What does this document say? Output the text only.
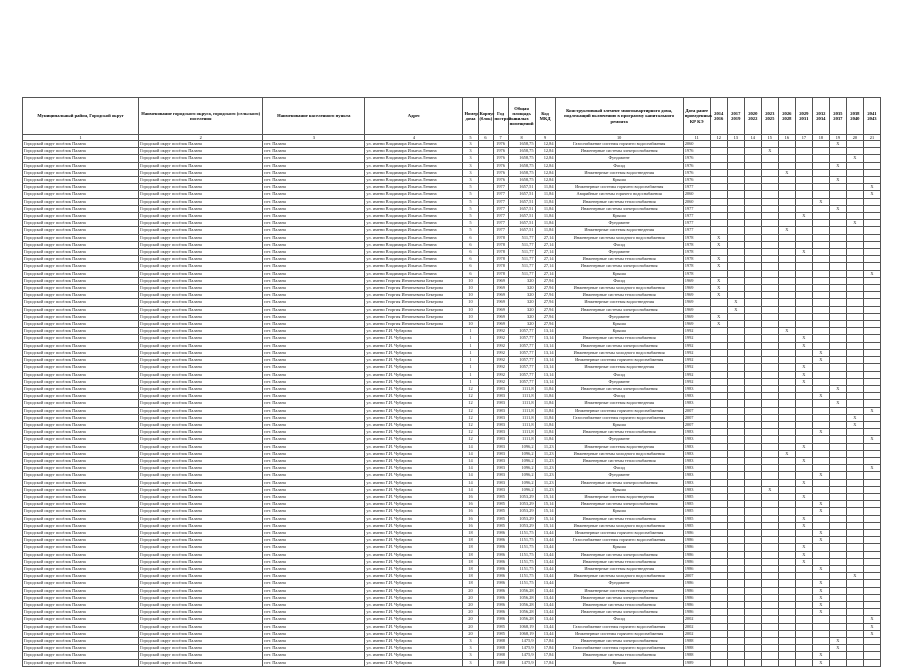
Муниципальный район, Городской округ	Наименование городского округа, городского (сельского) поселения	Наименование населенного пункта	Адрес	Номер дома	Корпус (блок)	Год постройки	Общая площадь жилых помещений	Код МКД	Конструктивный элемент многоквартирного дома, подлежащий включению в программу капитального ремонта	Дата ранее проведенных КР КЭ	2014 2016	2017 2019	2020 2022	2023 2025	2026 2028	2029 2031	2032 2034	2035 2037	2038 2040	2041 2043
1	2	3	4	5	6	7	8	9	10	11	12	13	14	15	16	17	18	19	20	21
Городской округ посёлок Палана	Городской округ посёлок Палана	пгт. Палана	ул. имени Владимира Ильича Ленина	3		1976	1658,75	12,84	Газоснабжение системы горячего водоснабжения	2060								X		
Городской округ посёлок Палана	Городской округ посёлок Палана	пгт. Палана	ул. имени Владимира Ильича Ленина	3		1976	1658,75	12,84	Инженерные системы электроснабжения	1976				X						
Городской округ посёлок Палана	Городской округ посёлок Палана	пгт. Палана	ул. имени Владимира Ильича Ленина	3		1976	1658,75	12,84	Фундамент	1976									X	
Городской округ посёлок Палана	Городской округ посёлок Палана	пгт. Палана	ул. имени Владимира Ильича Ленина	3		1976	1658,75	12,84	Фасад	1976								X		
Городской округ посёлок Палана	Городской округ посёлок Палана	пгт. Палана	ул. имени Владимира Ильича Ленина	3		1976	1658,75	12,84	Инженерные системы водоотведения	1976					X					
Городской округ посёлок Палана	Городской округ посёлок Палана	пгт. Палана	ул. имени Владимира Ильича Ленина	3		1976	1658,75	12,84	Крыша	1976								X		
Городской округ посёлок Палана	Городской округ посёлок Палана	пгт. Палана	ул. имени Владимира Ильича Ленина	5		1977	1657,51	11,84	Инженерные системы горячего водоснабжения	1977										X
Городской округ посёлок Палана	Городской округ посёлок Палана	пгт. Палана	ул. имени Владимира Ильича Ленина	5		1977	1657,51	11,84	Аварийные системы горячего водоснабжения	2060										X
Городской округ посёлок Палана	Городской округ посёлок Палана	пгт. Палана	ул. имени Владимира Ильича Ленина	5		1977	1657,51	11,84	Инженерные системы теплоснабжения	2060							X			
Городской округ посёлок Палана	Городской округ посёлок Палана	пгт. Палана	ул. имени Владимира Ильича Ленина	5		1977	1657,51	11,84	Инженерные системы электроснабжения	1977								X		
Городской округ посёлок Палана	Городской округ посёлок Палана	пгт. Палана	ул. имени Владимира Ильича Ленина	5		1977	1657,51	11,84	Крыша	1977						X				
Городской округ посёлок Палана	Городской округ посёлок Палана	пгт. Палана	ул. имени Владимира Ильича Ленина	5		1977	1657,51	11,84	Фундамент	1977									X	
Городской округ посёлок Палана	Городской округ посёлок Палана	пгт. Палана	ул. имени Владимира Ильича Ленина	5		1977	1657,51	11,84	Инженерные системы водоотведения	1977					X					
Городской округ посёлок Палана	Городской округ посёлок Палана	пгт. Палана	ул. имени Владимира Ильича Ленина	6		1978	511,77	27,14	Инженерные системы холодного водоснабжения	1978	X									
Городской округ посёлок Палана	Городской округ посёлок Палана	пгт. Палана	ул. имени Владимира Ильича Ленина	6		1978	511,77	27,14	Фасад	1978	X									
Городской округ посёлок Палана	Городской округ посёлок Палана	пгт. Палана	ул. имени Владимира Ильича Ленина	6		1978	511,77	27,14	Фундамент	1978						X				
Городской округ посёлок Палана	Городской округ посёлок Палана	пгт. Палана	ул. имени Владимира Ильича Ленина	6		1978	511,77	27,14	Инженерные системы теплоснабжения	1978	X									
Городской округ посёлок Палана	Городской округ посёлок Палана	пгт. Палана	ул. имени Владимира Ильича Ленина	6		1978	511,77	27,14	Инженерные системы электроснабжения	1978	X									
Городской округ посёлок Палана	Городской округ посёлок Палана	пгт. Палана	ул. имени Владимира Ильича Ленина	6		1978	511,77	27,14	Крыша	1978										X
Городской округ посёлок Палана	Городской округ посёлок Палана	пгт. Палана	ул. имени Георгия Игнатьевича Бекерова	10		1969	320	27,94	Фасад	1969	X									
Городской округ посёлок Палана	Городской округ посёлок Палана	пгт. Палана	ул. имени Георгия Игнатьевича Бекерова	10		1969	320	27,94	Инженерные системы холодного водоснабжения	1969	X									
Городской округ посёлок Палана	Городской округ посёлок Палана	пгт. Палана	ул. имени Георгия Игнатьевича Бекерова	10		1969	320	27,94	Инженерные системы теплоснабжения	1969	X									
Городской округ посёлок Палана	Городской округ посёлок Палана	пгт. Палана	ул. имени Георгия Игнатьевича Бекерова	10		1969	320	27,94	Инженерные системы водоотведения	1969		X								
Городской округ посёлок Палана	Городской округ посёлок Палана	пгт. Палана	ул. имени Георгия Игнатьевича Бекерова	10		1969	320	27,94	Инженерные системы электроснабжения	1969		X								
Городской округ посёлок Палана	Городской округ посёлок Палана	пгт. Палана	ул. имени Георгия Игнатьевича Бекерова	10		1969	320	27,94	Фундамент	1969	X									
Городской округ посёлок Палана	Городской округ посёлок Палана	пгт. Палана	ул. имени Георгия Игнатьевича Бекерова	10		1969	320	27,94	Крыша	1969	X									
Городской округ посёлок Палана	Городской округ посёлок Палана	пгт. Палана	ул. имени Г.И. Чубарова	1		1992	1057,77	13,14	Крыша	1992					X					
Городской округ посёлок Палана	Городской округ посёлок Палана	пгт. Палана	ул. имени Г.И. Чубарова	1		1992	1057,77	13,14	Инженерные системы теплоснабжения	1992						X				
Городской округ посёлок Палана	Городской округ посёлок Палана	пгт. Палана	ул. имени Г.И. Чубарова	1		1992	1057,77	13,14	Инженерные системы электроснабжения	1992						X				
Городской округ посёлок Палана	Городской округ посёлок Палана	пгт. Палана	ул. имени Г.И. Чубарова	1		1992	1057,77	13,14	Инженерные системы холодного водоснабжения	1992							X			
Городской округ посёлок Палана	Городской округ посёлок Палана	пгт. Палана	ул. имени Г.И. Чубарова	1		1992	1057,77	13,14	Инженерные системы горячего водоснабжения	1992							X			
Городской округ посёлок Палана	Городской округ посёлок Палана	пгт. Палана	ул. имени Г.И. Чубарова	1		1992	1057,77	13,14	Инженерные системы водоотведения	1992						X				
Городской округ посёлок Палана	Городской округ посёлок Палана	пгт. Палана	ул. имени Г.И. Чубарова	1		1992	1057,77	13,14	Фасад	1992						X				
Городской округ посёлок Палана	Городской округ посёлок Палана	пгт. Палана	ул. имени Г.И. Чубарова	1		1992	1057,77	13,14	Фундамент	1992						X				
Городской округ посёлок Палана	Городской округ посёлок Палана	пгт. Палана	ул. имени Г.И. Чубарова	12		1983	1111,8	11,84	Инженерные системы электроснабжения	1983								X		
Городской округ посёлок Палана	Городской округ посёлок Палана	пгт. Палана	ул. имени Г.И. Чубарова	12		1983	1111,8	11,84	Фасад	1983							X			
Городской округ посёлок Палана	Городской округ посёлок Палана	пгт. Палана	ул. имени Г.И. Чубарова	12		1983	1111,8	11,84	Инженерные системы водоотведения	1983								X		
Городской округ посёлок Палана	Городской округ посёлок Палана	пгт. Палана	ул. имени Г.И. Чубарова	12		1983	1111,8	11,84	Инженерные системы горячего водоснабжения	2007										X
Городской округ посёлок Палана	Городской округ посёлок Палана	пгт. Палана	ул. имени Г.И. Чубарова	12		1983	1111,8	11,84	Газоснабжение системы горячего водоснабжения	2007									X	
Городской округ посёлок Палана	Городской округ посёлок Палана	пгт. Палана	ул. имени Г.И. Чубарова	12		1983	1111,8	11,84	Крыша	2007									X	
Городской округ посёлок Палана	Городской округ посёлок Палана	пгт. Палана	ул. имени Г.И. Чубарова	12		1983	1111,8	11,84	Инженерные системы теплоснабжения	1983							X			
Городской округ посёлок Палана	Городской округ посёлок Палана	пгт. Палана	ул. имени Г.И. Чубарова	12		1983	1111,8	11,84	Фундамент	1983										X
Городской округ посёлок Палана	Городской округ посёлок Палана	пгт. Палана	ул. имени Г.И. Чубарова	14		1983	1096,2	11,23	Инженерные системы водоотведения	1983						X				
Городской округ посёлок Палана	Городской округ посёлок Палана	пгт. Палана	ул. имени Г.И. Чубарова	14		1983	1096,2	11,23	Инженерные системы холодного водоснабжения	1983					X					
Городской округ посёлок Палана	Городской округ посёлок Палана	пгт. Палана	ул. имени Г.И. Чубарова	14		1983	1096,2	11,23	Инженерные системы теплоснабжения	1983						X				
Городской округ посёлок Палана	Городской округ посёлок Палана	пгт. Палана	ул. имени Г.И. Чубарова	14		1983	1096,2	11,23	Фасад	1983										X
Городской округ посёлок Палана	Городской округ посёлок Палана	пгт. Палана	ул. имени Г.И. Чубарова	14		1983	1096,2	11,23	Фундамент	1983							X			
Городской округ посёлок Палана	Городской округ посёлок Палана	пгт. Палана	ул. имени Г.И. Чубарова	14		1983	1096,2	11,23	Инженерные системы электроснабжения	1983						X				
Городской округ посёлок Палана	Городской округ посёлок Палана	пгт. Палана	ул. имени Г.И. Чубарова	14		1983	1096,2	11,23	Крыша	1983				X						
Городской округ посёлок Палана	Городской округ посёлок Палана	пгт. Палана	ул. имени Г.И. Чубарова	16		1985	1053,29	15,14	Инженерные системы водоотведения	1985						X				
Городской округ посёлок Палана	Городской округ посёлок Палана	пгт. Палана	ул. имени Г.И. Чубарова	16		1985	1053,29	15,14	Инженерные системы электроснабжения	1985							X			
Городской округ посёлок Палана	Городской округ посёлок Палана	пгт. Палана	ул. имени Г.И. Чубарова	16		1985	1053,29	15,14	Крыша	1985							X			
Городской округ посёлок Палана	Городской округ посёлок Палана	пгт. Палана	ул. имени Г.И. Чубарова	16		1985	1053,29	15,14	Инженерные системы теплоснабжения	1985						X				
Городской округ посёлок Палана	Городской округ посёлок Палана	пгт. Палана	ул. имени Г.И. Чубарова	16		1985	1053,29	15,14	Инженерные системы холодного водоснабжения	1985						X				
Городской округ посёлок Палана	Городской округ посёлок Палана	пгт. Палана	ул. имени Г.И. Чубарова	18		1986	1151,75	13,44	Инженерные системы горячего водоснабжения	1986							X			
Городской округ посёлок Палана	Городской округ посёлок Палана	пгт. Палана	ул. имени Г.И. Чубарова	18		1986	1151,75	13,44	Газоснабжение системы горячего водоснабжения	1986							X			
Городской округ посёлок Палана	Городской округ посёлок Палана	пгт. Палана	ул. имени Г.И. Чубарова	18		1986	1151,75	13,44	Крыша	1986						X				
Городской округ посёлок Палана	Городской округ посёлок Палана	пгт. Палана	ул. имени Г.И. Чубарова	18		1986	1151,75	13,44	Инженерные системы электроснабжения	1986						X				
Городской округ посёлок Палана	Городской округ посёлок Палана	пгт. Палана	ул. имени Г.И. Чубарова	18		1986	1151,75	13,44	Инженерные системы теплоснабжения	1986						X				
Городской округ посёлок Палана	Городской округ посёлок Палана	пгт. Палана	ул. имени Г.И. Чубарова	18		1986	1151,75	13,44	Инженерные системы водоотведения	1986							X			
Городской округ посёлок Палана	Городской округ посёлок Палана	пгт. Палана	ул. имени Г.И. Чубарова	18		1986	1151,75	13,44	Инженерные системы холодного водоснабжения	2007									X	
Городской округ посёлок Палана	Городской округ посёлок Палана	пгт. Палана	ул. имени Г.И. Чубарова	18		1986	1151,75	13,44	Фундамент	1986							X			
Городской округ посёлок Палана	Городской округ посёлок Палана	пгт. Палана	ул. имени Г.И. Чубарова	20		1986	1056,28	13,44	Инженерные системы водоотведения	1986							X			
Городской округ посёлок Палана	Городской округ посёлок Палана	пгт. Палана	ул. имени Г.И. Чубарова	20		1986	1056,28	13,44	Инженерные системы электроснабжения	1986							X			
Городской округ посёлок Палана	Городской округ посёлок Палана	пгт. Палана	ул. имени Г.И. Чубарова	20		1986	1056,28	13,44	Инженерные системы теплоснабжения	1986							X			
Городской округ посёлок Палана	Городской округ посёлок Палана	пгт. Палана	ул. имени Г.И. Чубарова	20		1986	1056,28	13,44	Инженерные системы электроснабжения	1986							X			
Городской округ посёлок Палана	Городской округ посёлок Палана	пгт. Палана	ул. имени Г.И. Чубарова	20		1986	1056,28	13,44	Фасад	2002										X
Городской округ посёлок Палана	Городской округ посёлок Палана	пгт. Палана	ул. имени Г.И. Чубарова	20		1985	1068,19	13,44	Газоснабжение системы горячего водоснабжения	2002										X
Городской округ посёлок Палана	Городской округ посёлок Палана	пгт. Палана	ул. имени Г.И. Чубарова	20		1985	1068,19	13,44	Инженерные системы горячего водоснабжения	2002										X
Городской округ посёлок Палана	Городской округ посёлок Палана	пгт. Палана	ул. имени Г.И. Чубарова	3		1988	1475,9	17,84	Инженерные системы электроснабжения	1988								X		
Городской округ посёлок Палана	Городской округ посёлок Палана	пгт. Палана	ул. имени Г.И. Чубарова	3		1988	1475,9	17,84	Газоснабжение системы горячего водоснабжения	1988								X		
Городской округ посёлок Палана	Городской округ посёлок Палана	пгт. Палана	ул. имени Г.И. Чубарова	3		1988	1475,9	17,84	Инженерные системы теплоснабжения	1988							X			
Городской округ посёлок Палана	Городской округ посёлок Палана	пгт. Палана	ул. имени Г.И. Чубарова	3		1988	1475,9	17,84	Крыша	1989							X			
